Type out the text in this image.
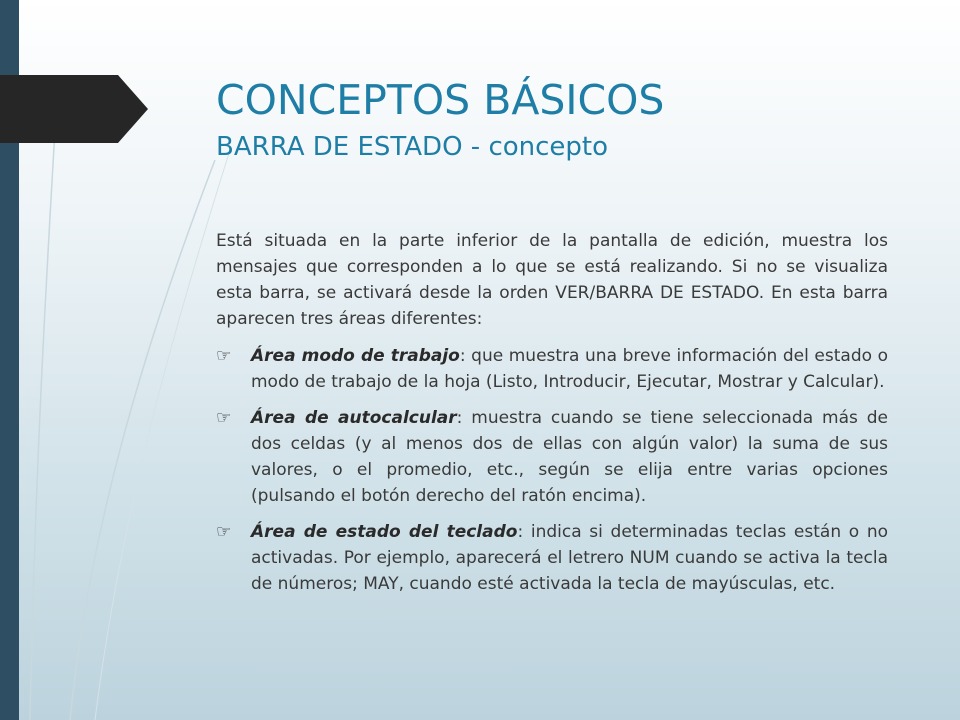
CONCEPTOS BÁSICOS
BARRA DE ESTADO - concepto

Está situada en la parte inferior de la pantalla de edición, muestra los mensajes que corresponden a lo que se está realizando. Si no se visualiza esta barra, se activará desde la orden VER/BARRA DE ESTADO. En esta barra aparecen tres áreas diferentes:

☞ Área modo de trabajo: que muestra una breve información del estado o modo de trabajo de la hoja (Listo, Introducir, Ejecutar, Mostrar y Calcular).
☞ Área de autocalcular: muestra cuando se tiene seleccionada más de dos celdas (y al menos dos de ellas con algún valor) la suma de sus valores, o el promedio, etc., según se elija entre varias opciones (pulsando el botón derecho del ratón encima).
☞ Área de estado del teclado: indica si determinadas teclas están o no activadas. Por ejemplo, aparecerá el letrero NUM cuando se activa la tecla de números; MAY, cuando esté activada la tecla de mayúsculas, etc.
